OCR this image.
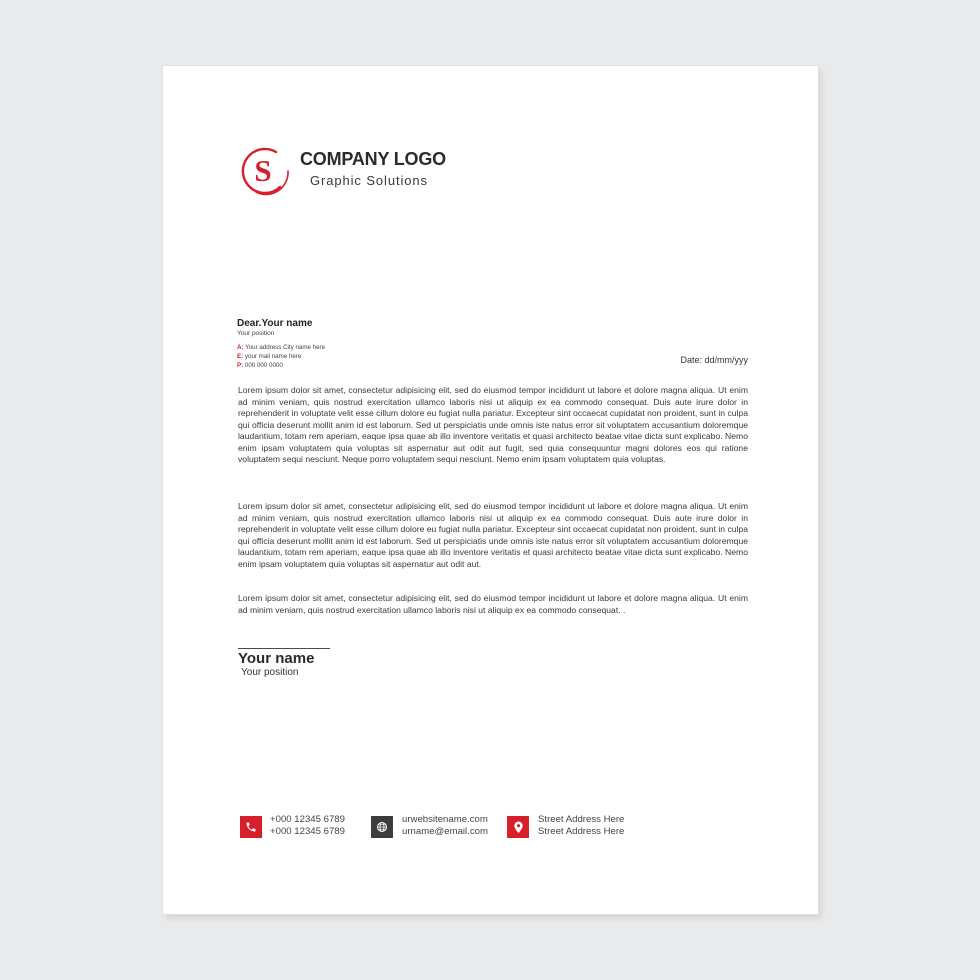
S COMPANY LOGO
Graphic Solutions
Dear.Your name
Your position
A: Your address City name here
E: your mail name here
P: 000 000 0000
Date: dd/mm/yyy

Lorem ipsum dolor sit amet, consectetur adipisicing elit, sed do eiusmod tempor incididunt ut labore et dolore magna aliqua. Ut enim ad minim veniam, quis nostrud exercitation ullamco laboris nisi ut aliquip ex ea commodo consequat. Duis aute irure dolor in reprehenderit in voluptate velit esse cillum dolore eu fugiat nulla pariatur. Excepteur sint occaecat cupidatat non proident, sunt in culpa qui officia deserunt mollit anim id est laborum. Sed ut perspiciatis unde omnis iste natus error sit voluptatem accusantium doloremque laudantium, totam rem aperiam, eaque ipsa quae ab illo inventore veritatis et quasi architecto beatae vitae dicta sunt explicabo. Nemo enim ipsam voluptatem quia voluptas sit aspernatur aut odit aut fugit, sed quia consequuntur magni dolores eos qui ratione voluptatem sequi nesciunt. Neque porro voluptatem sequi nesciunt. Nemo enim ipsam voluptatem quia voluptas.

Lorem ipsum dolor sit amet, consectetur adipisicing elit, sed do eiusmod tempor incididunt ut labore et dolore magna aliqua. Ut enim ad minim veniam, quis nostrud exercitation ullamco laboris nisi ut aliquip ex ea commodo consequat. Duis aute irure dolor in reprehenderit in voluptate velit esse cillum dolore eu fugiat nulla pariatur. Excepteur sint occaecat cupidatat non proident, sunt in culpa qui officia deserunt mollit anim id est laborum. Sed ut perspiciatis unde omnis iste natus error sit voluptatem accusantium doloremque laudantium, totam rem aperiam, eaque ipsa quae ab illo inventore veritatis et quasi architecto beatae vitae dicta sunt explicabo. Nemo enim ipsam voluptatem quia voluptas sit aspernatur aut odit aut.

Lorem ipsum dolor sit amet, consectetur adipisicing elit, sed do eiusmod tempor incididunt ut labore et dolore magna aliqua. Ut enim ad minim veniam, quis nostrud exercitation ullamco laboris nisi ut aliquip ex ea commodo consequat. .

Your name
Your position
+000 12345 6789
+000 12345 6789
urwebsitename.com
urname@email.com
Street Address Here
Street Address Here
